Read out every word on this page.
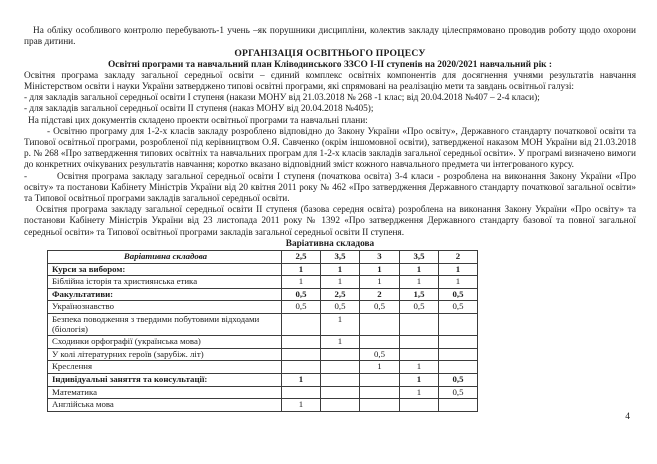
На обліку особливого контролю перебувають-1 учень –як порушники дисципліни, колектив закладу цілеспрямовано проводив роботу щодо охорони прав дитини.

ОРГАНІЗАЦІЯ ОСВІТНЬОГО ПРОЦЕСУ

Освітні програми та навчальний план Кліводинського ЗЗСО І-ІІ ступенів на 2020/2021 навчальний рік :

Освітня програма закладу загальної середньої освіти – єдиний комплекс освітніх компонентів для досягнення учнями результатів навчання Міністерством освіти і науки України затверджено типові освітні програми, які спрямовані на реалізацію мети та завдань освітньої галузі:

- для закладів загальної середньої освіти І ступеня (накази МОНУ від 21.03.2018 № 268 -1 клас; від 20.04.2018 №407 – 2-4 класи);

- для закладів загальної середньої освіти ІІ ступеня (наказ МОНУ від 20.04.2018 №405);

На підставі цих документів складено проекти освітньої програми та навчальні плани:

- Освітню програму для 1-2-х класів закладу розроблено відповідно до Закону України «Про освіту», Державного стандарту початкової освіти та Типової освітньої програми, розробленої під керівництвом О.Я. Савченко (окрім іншомовної освіти), затвердженої наказом МОН України від 21.03.2018 р. № 268 «Про затвердження типових освітніх та навчальних програм для 1-2-х класів закладів загальної середньої освіти». У програмі визначено вимоги до конкретних очікуваних результатів навчання; коротко вказано відповідний зміст кожного навчального предмета чи інтегрованого курсу.

-	Освітня програма закладу загальної середньої освіти І ступеня (початкова освіта) 3-4 класи - розроблена на виконання Закону України «Про освіту» та постанови Кабінету Міністрів України від 20 квітня 2011 року № 462 «Про затвердження Державного стандарту початкової загальної освіти» та Типової освітньої програми закладів загальної середньої освіти.

Освітня програма закладу загальної середньої освіти ІІ ступеня (базова середня освіта) розроблена на виконання Закону України «Про освіту» та постанови Кабінету Міністрів України від 23 листопада 2011 року № 1392 «Про затвердження Державного стандарту базової та повної загальної середньої освіти» та Типової освітньої програми закладів загальної середньої освіти ІІ ступеня.

Варіативна складова

Варіативна складова	2,5	3,5	3	3,5	2
Курси за вибором:	1	1	1	1	1
Біблійна історія та християнська етика	1	1	1	1	1
Факультативи:	0,5	2,5	2	1,5	0,5
Українознавство	0,5	0,5	0,5	0,5	0,5
Безпека поводження з твердими побутовими відходами (біологія)		1			
Сходинки орфографії (українська мова)		1			
У колі літературних героїв (зарубіж. літ)			0,5		
Креслення			1	1	
Індивідуальні заняття та консультації:	1			1	0,5
Математика				1	0,5
Англійська мова	1				
4
